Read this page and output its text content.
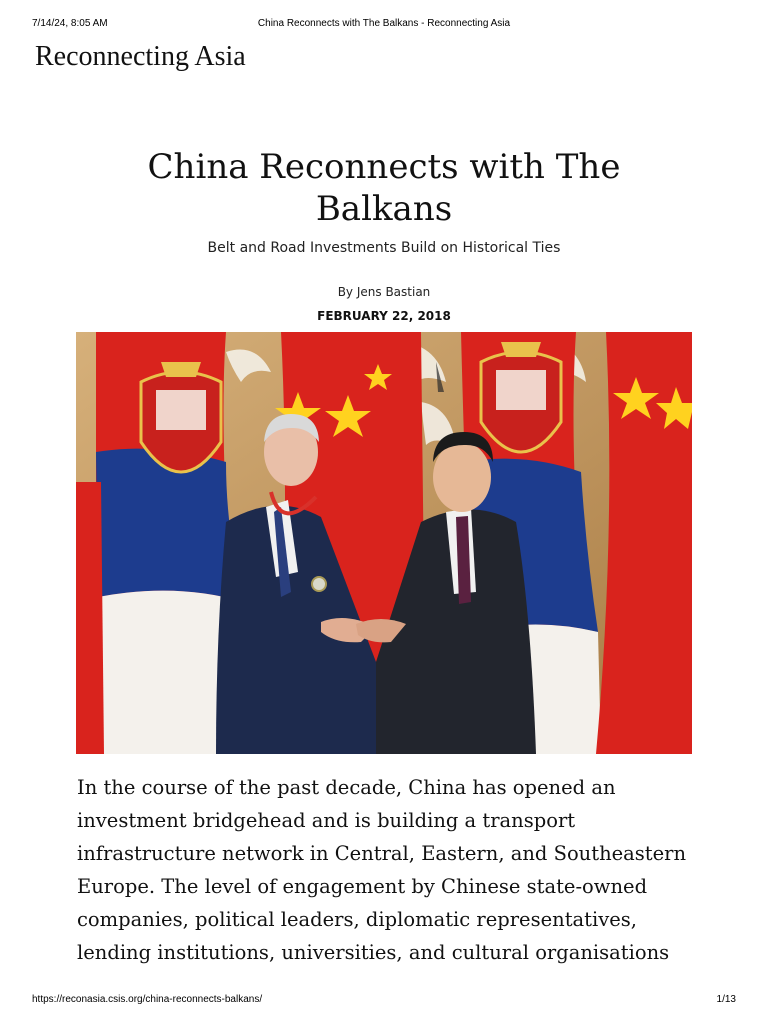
7/14/24, 8:05 AM	China Reconnects with The Balkans - Reconnecting Asia
Reconnecting Asia
China Reconnects with The Balkans
Belt and Road Investments Build on Historical Ties
By Jens Bastian
FEBRUARY 22, 2018

In the course of the past decade, China has opened an investment bridgehead and is building a transport infrastructure network in Central, Eastern, and Southeastern Europe. The level of engagement by Chinese state-owned companies, political leaders, diplomatic representatives, lending institutions, universities, and cultural organisations

https://reconasia.csis.org/china-reconnects-balkans/	1/13
